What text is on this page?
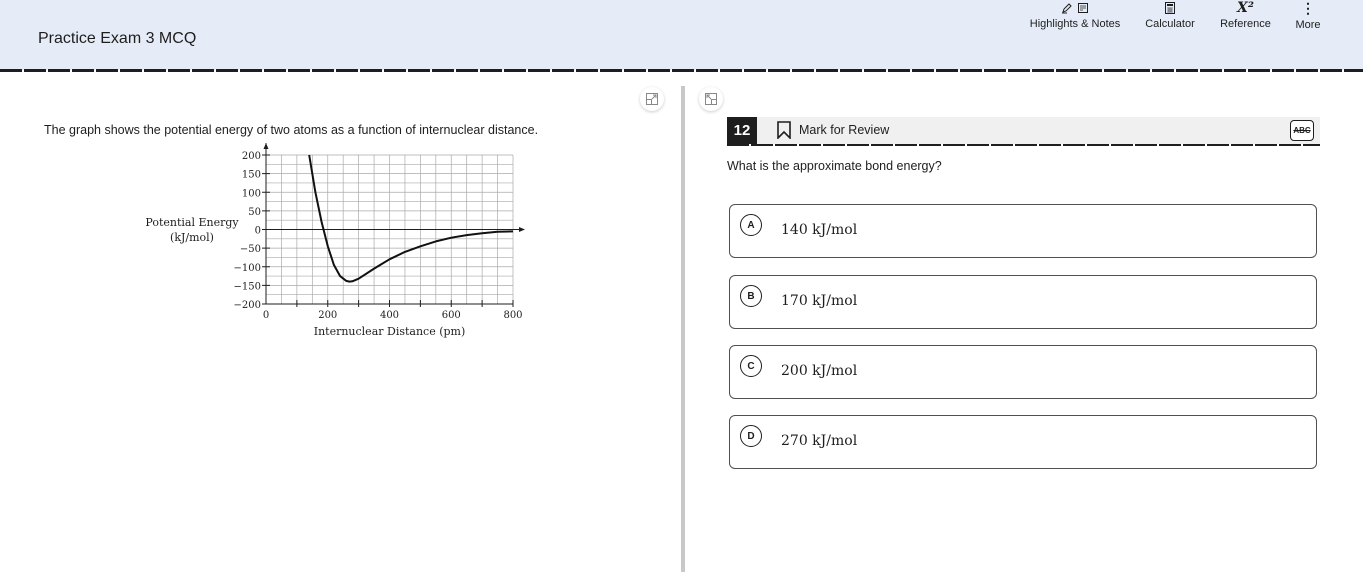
Practice Exam 3 MCQ
Highlights & Notes Calculator
X²
Reference
⋮
More
The graph shows the potential energy of two atoms as a function of internuclear distance.
200
150
100
50
0
−50
−100
−150
−200
0	200	400	600	800
Internuclear Distance (pm)
Potential Energy
(kJ/mol)
12	Mark for Review	ABC
What is the approximate bond energy?
A	140 kJ/mol
B	170 kJ/mol
C	200 kJ/mol
D	270 kJ/mol
